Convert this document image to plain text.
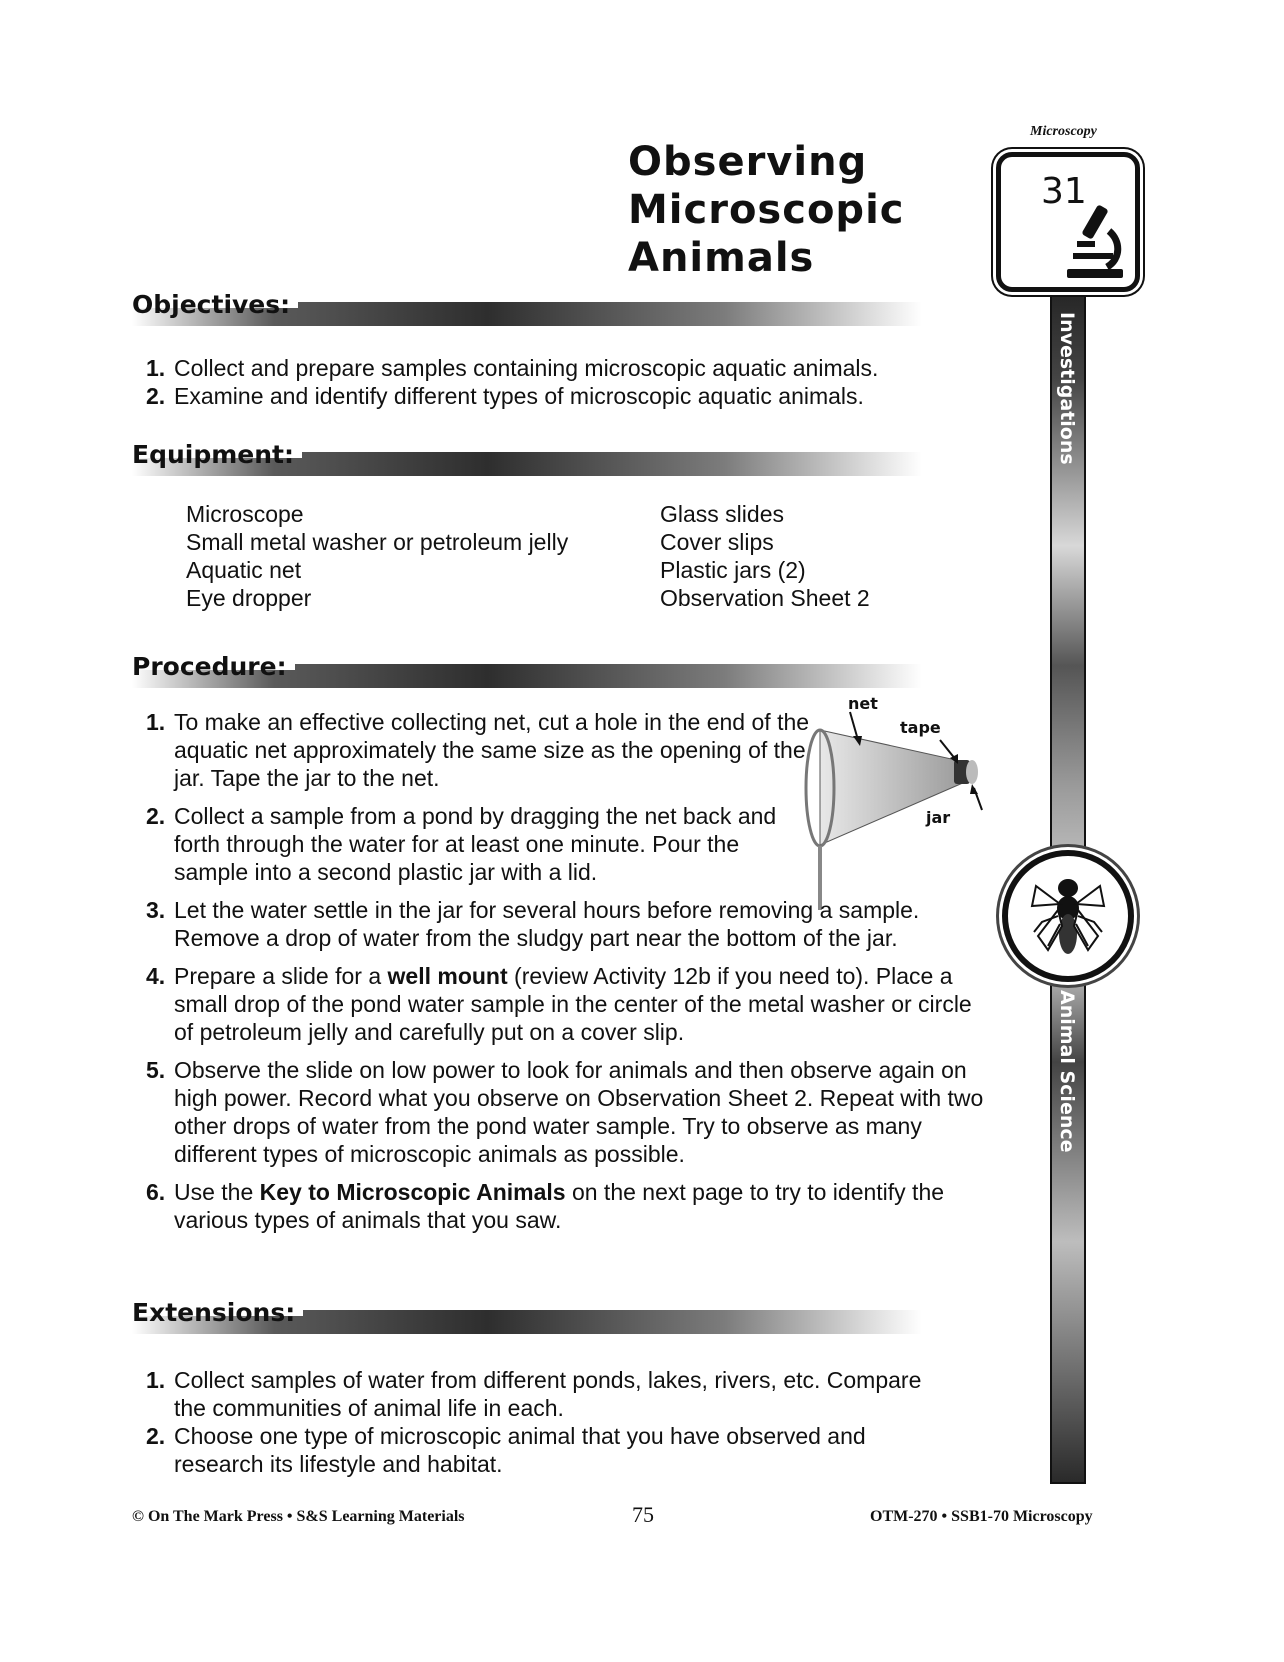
Observing
Microscopic
Animals
Microscopy
Investigations
Animal Science
31
Objectives:
1. Collect and prepare samples containing microscopic aquatic animals.
2. Examine and identify different types of microscopic aquatic animals.
Equipment:
Microscope
Small metal washer or petroleum jelly
Aquatic net
Eye dropper
Glass slides
Cover slips
Plastic jars (2)
Observation Sheet 2
Procedure:
net
tape
jar
1. To make an effective collecting net, cut a hole in the end of the aquatic net approximately the same size as the opening of the jar. Tape the jar to the net.
2. Collect a sample from a pond by dragging the net back and forth through the water for at least one minute. Pour the sample into a second plastic jar with a lid.
3. Let the water settle in the jar for several hours before removing a sample. Remove a drop of water from the sludgy part near the bottom of the jar.
4. Prepare a slide for a well mount (review Activity 12b if you need to). Place a small drop of the pond water sample in the center of the metal washer or circle of petroleum jelly and carefully put on a cover slip.
5. Observe the slide on low power to look for animals and then observe again on high power. Record what you observe on Observation Sheet 2. Repeat with two other drops of water from the pond water sample. Try to observe as many different types of microscopic animals as possible.
6. Use the Key to Microscopic Animals on the next page to try to identify the various types of animals that you saw.
Extensions:
1. Collect samples of water from different ponds, lakes, rivers, etc. Compare the communities of animal life in each.
2. Choose one type of microscopic animal that you have observed and research its lifestyle and habitat.
© On The Mark Press • S&S Learning Materials	75	OTM-270 • SSB1-70 Microscopy
